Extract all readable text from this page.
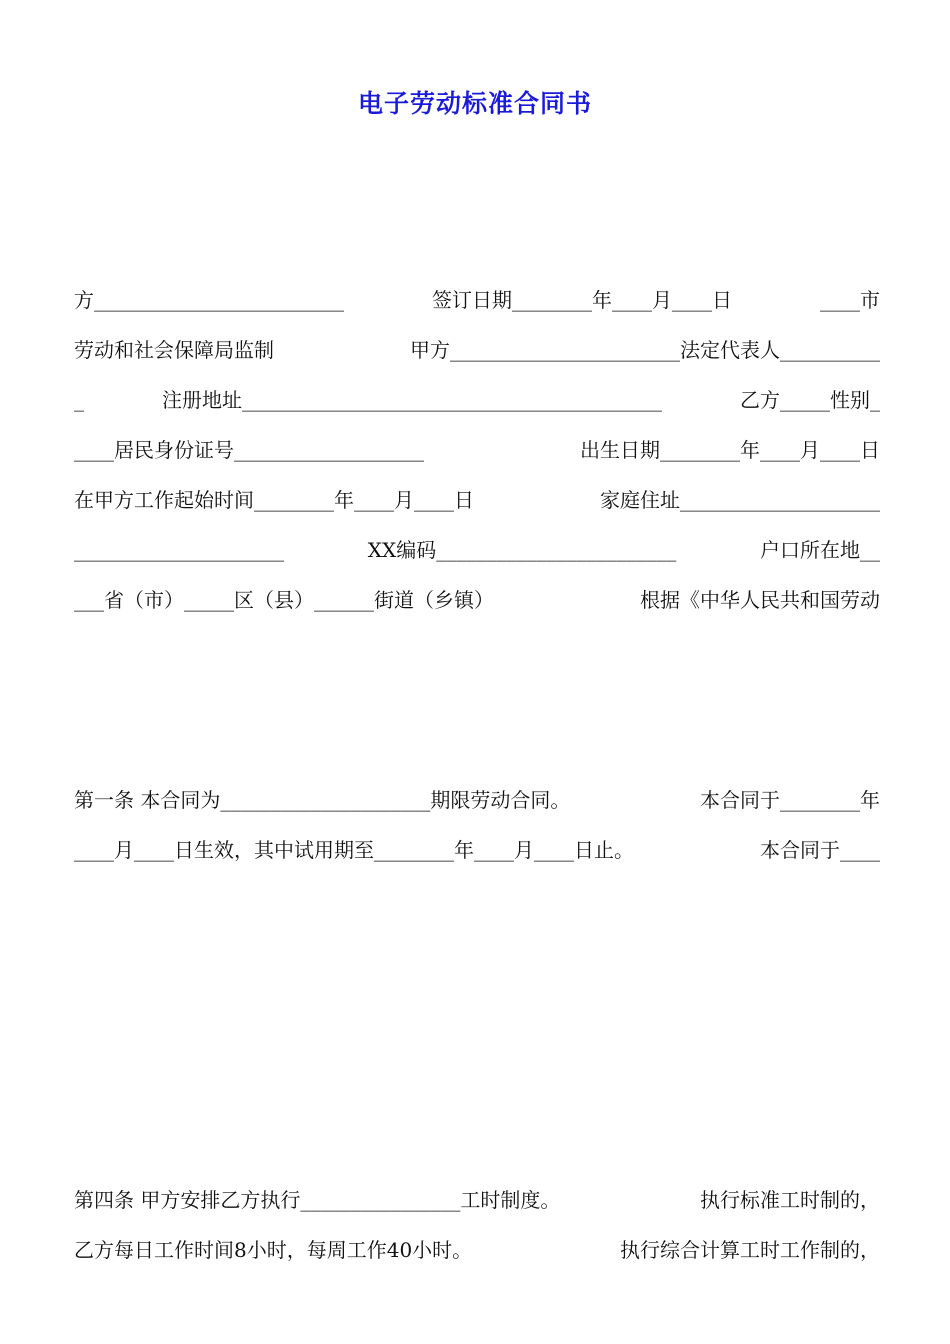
电子劳动标准合同书

方_________________________	签订日期________年____月____日	____市
劳动和社会保障局监制	甲方_______________________法定代表人__________
_	注册地址__________________________________________	乙方_____性别_
____居民身份证号___________________	出生日期________年____月____日
在甲方工作起始时间________年____月____日	家庭住址____________________
_____________________	XX编码________________________	户口所在地__
___省（市）_____区（县）______街道（乡镇）	根据《中华人民共和国劳动

第一条 本合同为_____________________期限劳动合同。	本合同于________年
____月____日生效，其中试用期至________年____月____日止。	本合同于____

第四条 甲方安排乙方执行________________工时制度。	执行标准工时制的，
乙方每日工作时间8小时，每周工作40小时。	执行综合计算工时工作制的，
